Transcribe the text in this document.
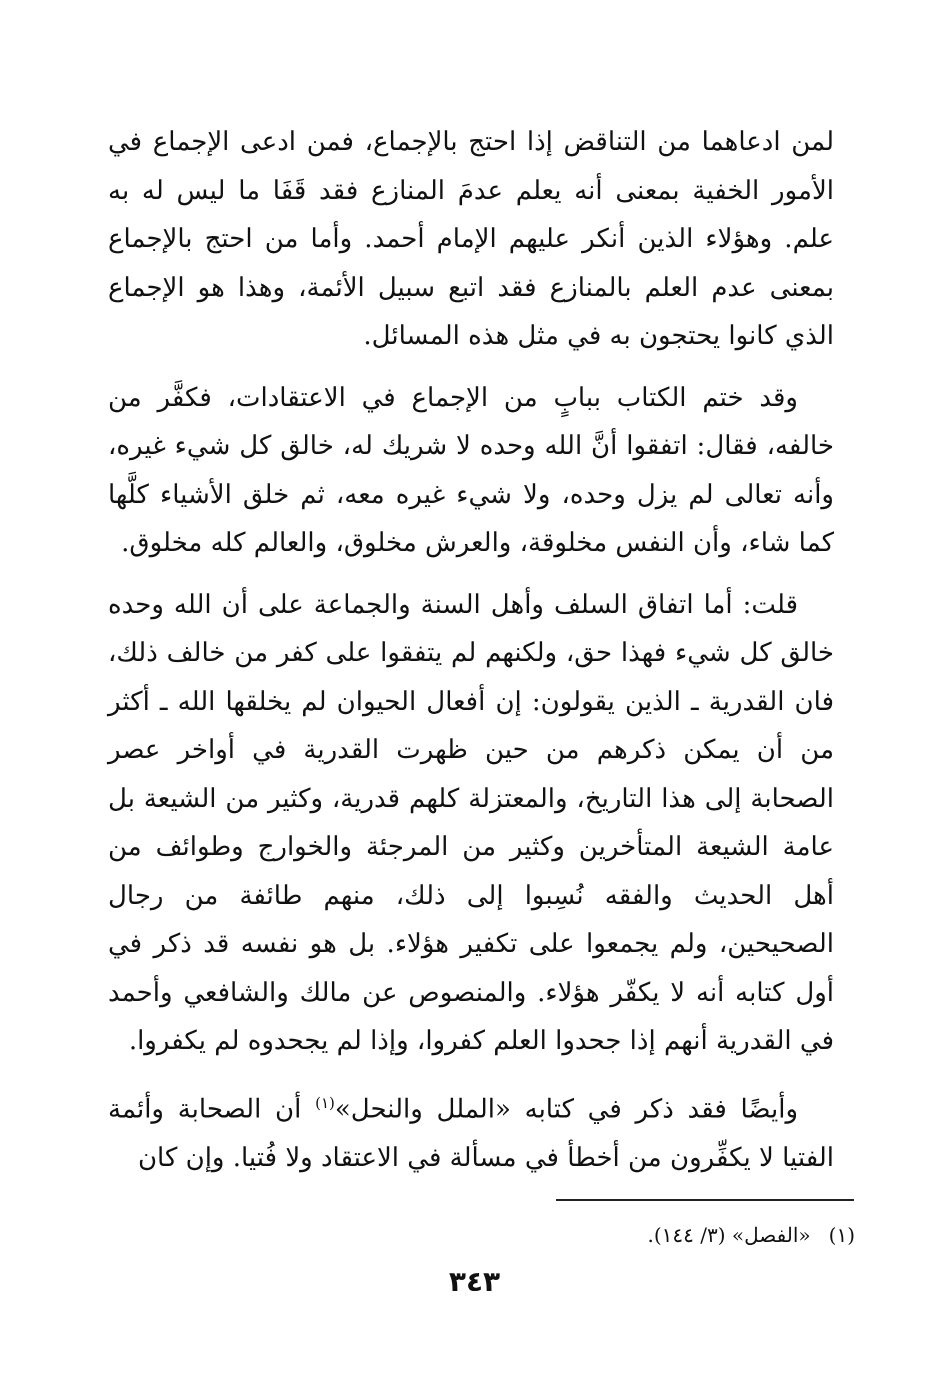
لمن ادعاهما من التناقض إذا احتج بالإجماع، فمن ادعى الإجماع في الأمور الخفية بمعنى أنه يعلم عدمَ المنازع فقد قَفَا ما ليس له به علم. وهؤلاء الذين أنكر عليهم الإمام أحمد. وأما من احتج بالإجماع بمعنى عدم العلم بالمنازع فقد اتبع سبيل الأئمة، وهذا هو الإجماع الذي كانوا يحتجون به في مثل هذه المسائل.

وقد ختم الكتاب ببابٍ من الإجماع في الاعتقادات، فكفَّر من خالفه، فقال: اتفقوا أنَّ الله وحده لا شريك له، خالق كل شيء غيره، وأنه تعالى لم يزل وحده، ولا شيء غيره معه، ثم خلق الأشياء كلَّها كما شاء، وأن النفس مخلوقة، والعرش مخلوق، والعالم كله مخلوق.

قلت: أما اتفاق السلف وأهل السنة والجماعة على أن الله وحده خالق كل شيء فهذا حق، ولكنهم لم يتفقوا على كفر من خالف ذلك، فان القدرية ـ الذين يقولون: إن أفعال الحيوان لم يخلقها الله ـ أكثر من أن يمكن ذكرهم من حين ظهرت القدرية في أواخر عصر الصحابة إلى هذا التاريخ، والمعتزلة كلهم قدرية، وكثير من الشيعة بل عامة الشيعة المتأخرين وكثير من المرجئة والخوارج وطوائف من أهل الحديث والفقه نُسِبوا إلى ذلك، منهم طائفة من رجال الصحيحين، ولم يجمعوا على تكفير هؤلاء. بل هو نفسه قد ذكر في أول كتابه أنه لا يكفّر هؤلاء. والمنصوص عن مالك والشافعي وأحمد في القدرية أنهم إذا جحدوا العلم كفروا، وإذا لم يجحدوه لم يكفروا.

وأيضًا فقد ذكر في كتابه «الملل والنحل»$^{(١)}$ أن الصحابة وأئمة الفتيا لا يكفِّرون من أخطأ في مسألة في الاعتقاد ولا فُتيا. وإن كان

(١)«الفصل» (٣/ ١٤٤).
٣٤٣
